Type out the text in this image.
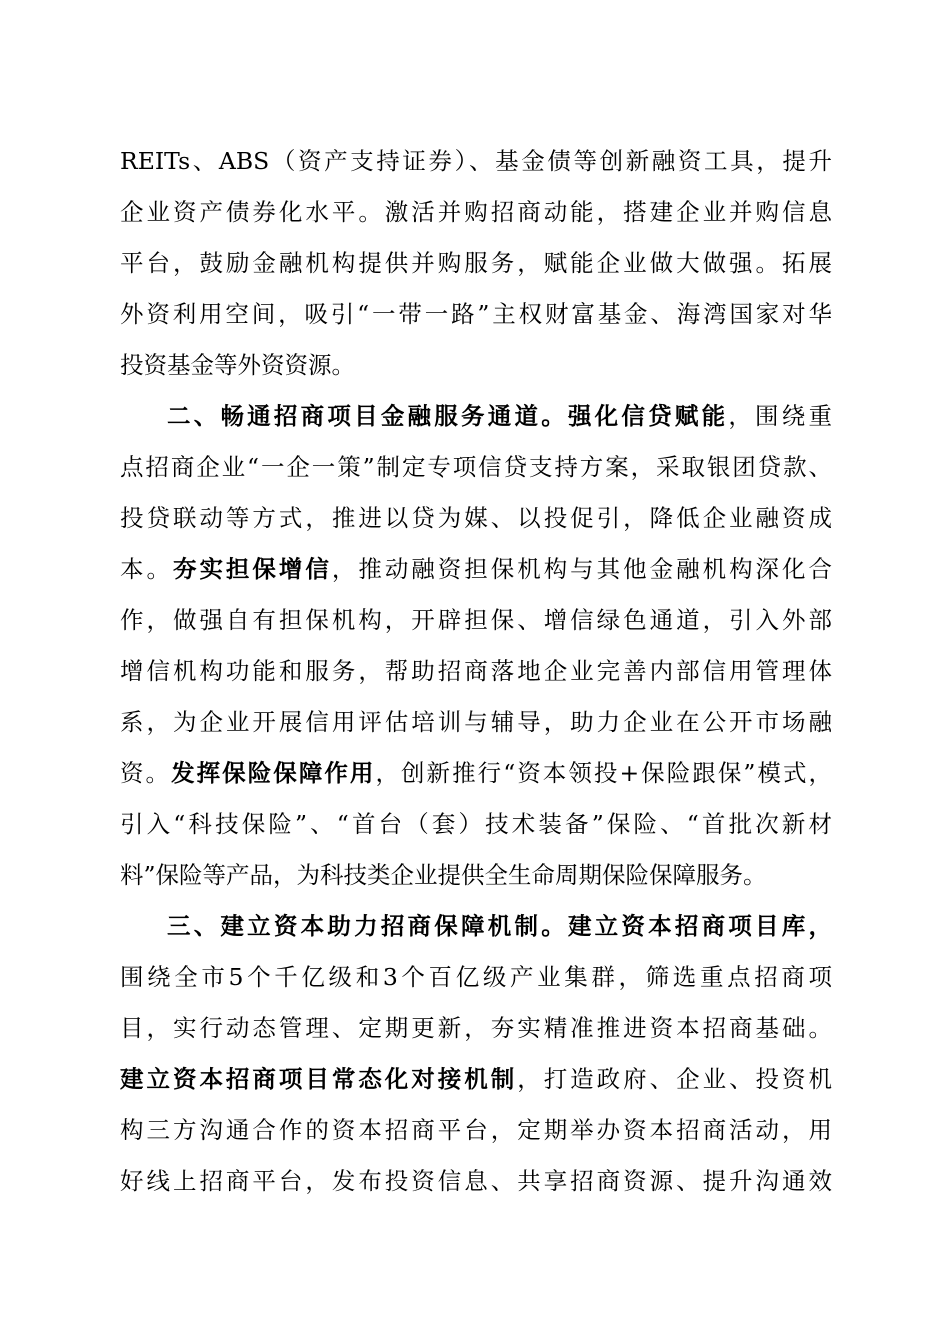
REITs、ABS（资产支持证券）、基金债等创新融资工具，提升
企业资产债券化水平。激活并购招商动能，搭建企业并购信息
平台，鼓励金融机构提供并购服务，赋能企业做大做强。拓展
外资利用空间，吸引“一带一路”主权财富基金、海湾国家对华
投资基金等外资资源。
二、畅通招商项目金融服务通道。强化信贷赋能，围绕重
点招商企业“一企一策”制定专项信贷支持方案，采取银团贷款、
投贷联动等方式，推进以贷为媒、以投促引，降低企业融资成
本。夯实担保增信，推动融资担保机构与其他金融机构深化合
作，做强自有担保机构，开辟担保、增信绿色通道，引入外部
增信机构功能和服务，帮助招商落地企业完善内部信用管理体
系，为企业开展信用评估培训与辅导，助力企业在公开市场融
资。发挥保险保障作用，创新推行“资本领投+保险跟保”模式，
引入“科技保险”、“首台（套）技术装备”保险、“首批次新材
料”保险等产品，为科技类企业提供全生命周期保险保障服务。
三、建立资本助力招商保障机制。建立资本招商项目库，
围绕全市5个千亿级和3个百亿级产业集群，筛选重点招商项
目，实行动态管理、定期更新，夯实精准推进资本招商基础。
建立资本招商项目常态化对接机制，打造政府、企业、投资机
构三方沟通合作的资本招商平台，定期举办资本招商活动，用
好线上招商平台，发布投资信息、共享招商资源、提升沟通效
